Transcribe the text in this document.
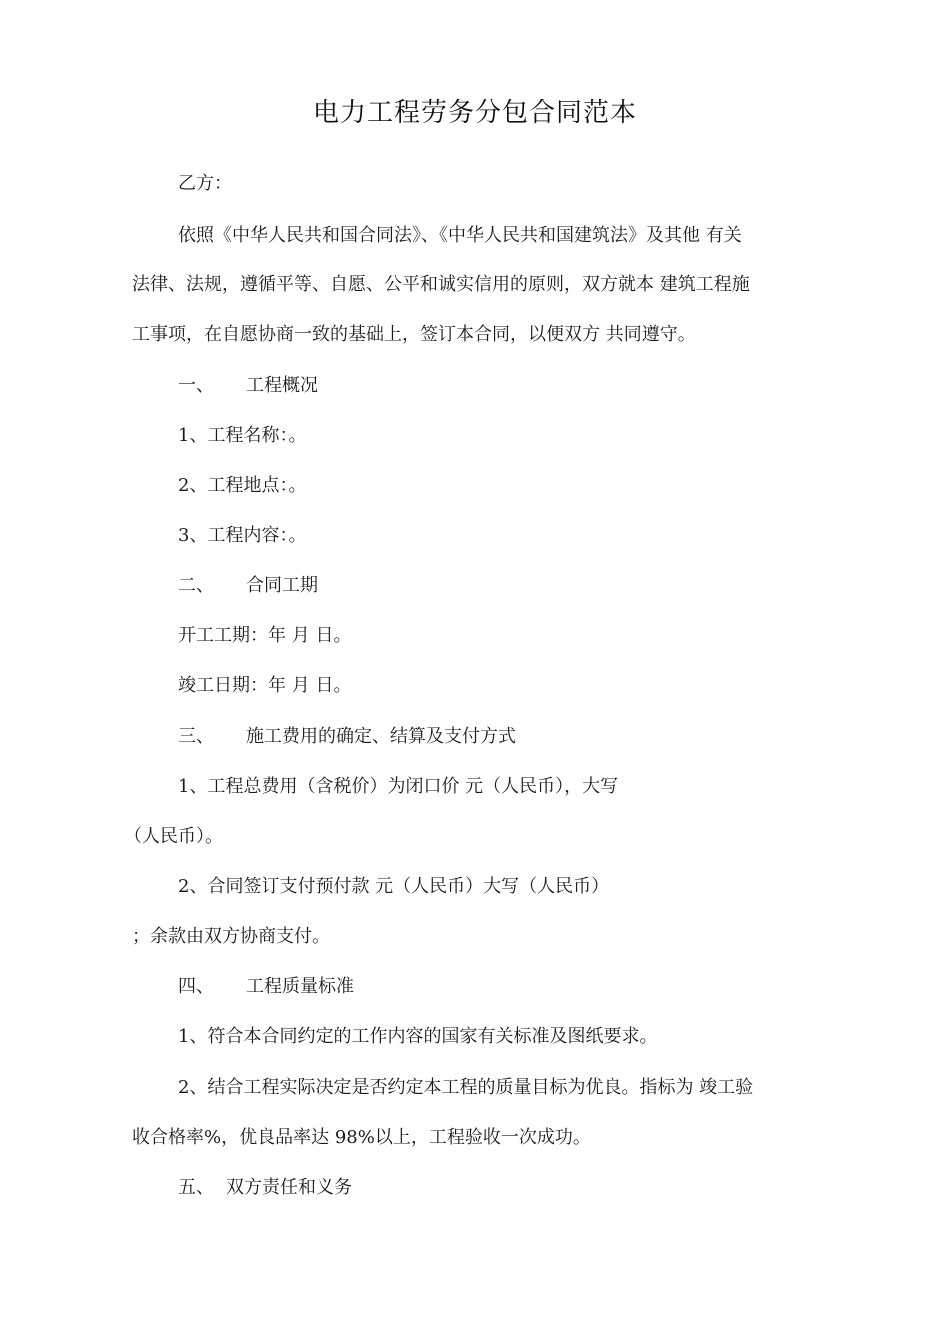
电力工程劳务分包合同范本
乙方：
依照《中华人民共和国合同法》、《中华人民共和国建筑法》及其他 有关
法律、法规，遵循平等、自愿、公平和诚实信用的原则，双方就本 建筑工程施
工事项，在自愿协商一致的基础上，签订本合同，以便双方 共同遵守。
一、 工程概况
1、工程名称：。
2、工程地点：。
3、工程内容：。
二、 合同工期
开工工期：年 月 日。
竣工日期：年 月 日。
三、 施工费用的确定、结算及支付方式
1、工程总费用（含税价）为闭口价 元（人民币），大写
（人民币）。
2、合同签订支付预付款 元（人民币）大写（人民币）
；余款由双方协商支付。
四、 工程质量标准
1、符合本合同约定的工作内容的国家有关标准及图纸要求。
2、结合工程实际决定是否约定本工程的质量目标为优良。指标为 竣工验
收合格率%，优良品率达 98%以上，工程验收一次成功。
五、 双方责任和义务
